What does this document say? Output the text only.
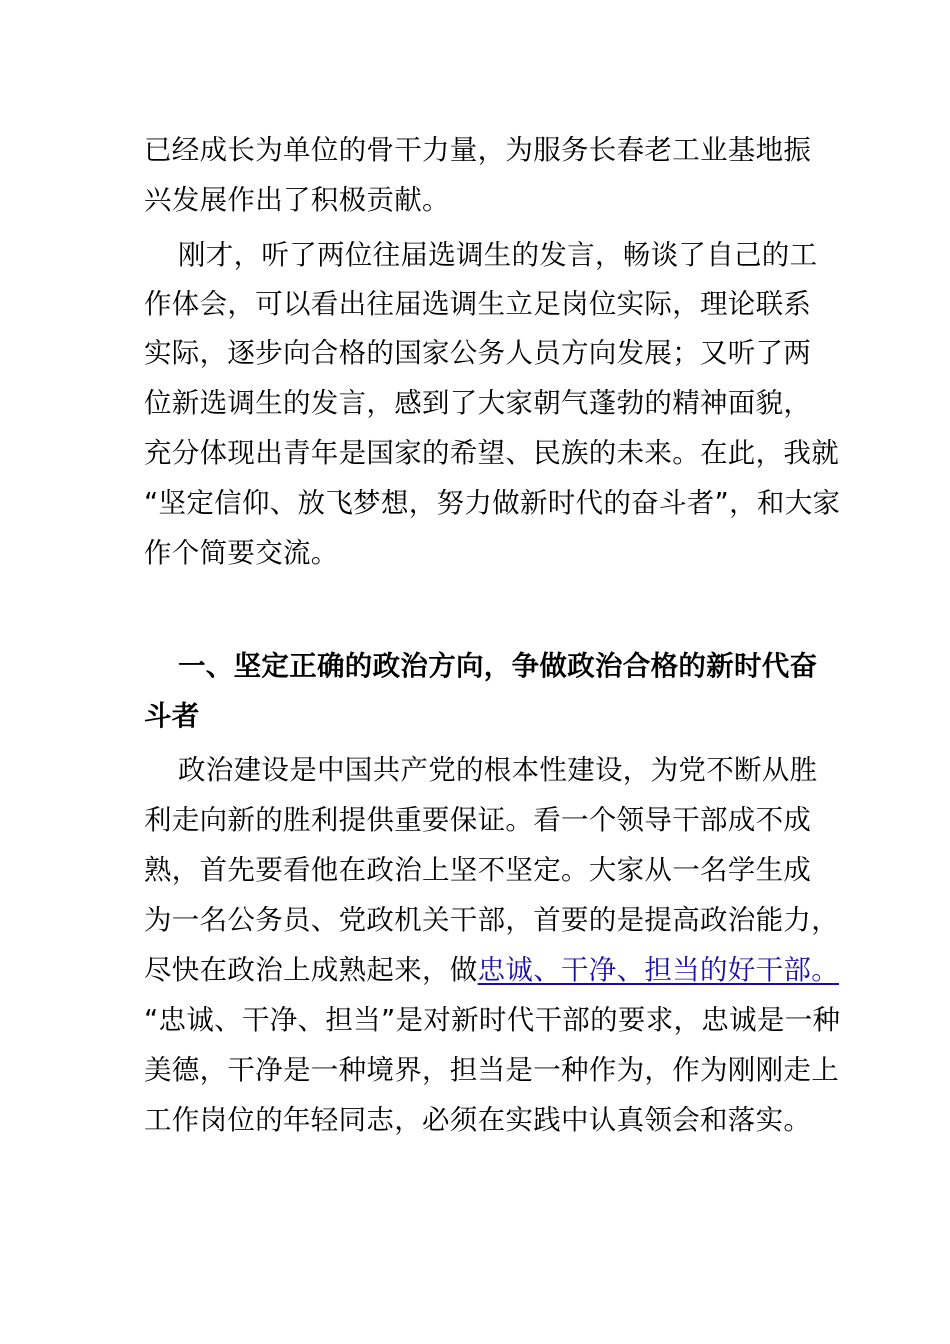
已经成长为单位的骨干力量，为服务长春老工业基地振
兴发展作出了积极贡献。
刚才，听了两位往届选调生的发言，畅谈了自己的工
作体会，可以看出往届选调生立足岗位实际，理论联系
实际，逐步向合格的国家公务人员方向发展；又听了两
位新选调生的发言，感到了大家朝气蓬勃的精神面貌，
充分体现出青年是国家的希望、民族的未来。在此，我就
“坚定信仰、放飞梦想，努力做新时代的奋斗者”，和大家
作个简要交流。
一、坚定正确的政治方向，争做政治合格的新时代奋
斗者
政治建设是中国共产党的根本性建设，为党不断从胜
利走向新的胜利提供重要保证。看一个领导干部成不成
熟，首先要看他在政治上坚不坚定。大家从一名学生成
为一名公务员、党政机关干部，首要的是提高政治能力，
尽快在政治上成熟起来，做忠诚、干净、担当的好干部。
“忠诚、干净、担当”是对新时代干部的要求，忠诚是一种
美德，干净是一种境界，担当是一种作为，作为刚刚走上
工作岗位的年轻同志，必须在实践中认真领会和落实。
